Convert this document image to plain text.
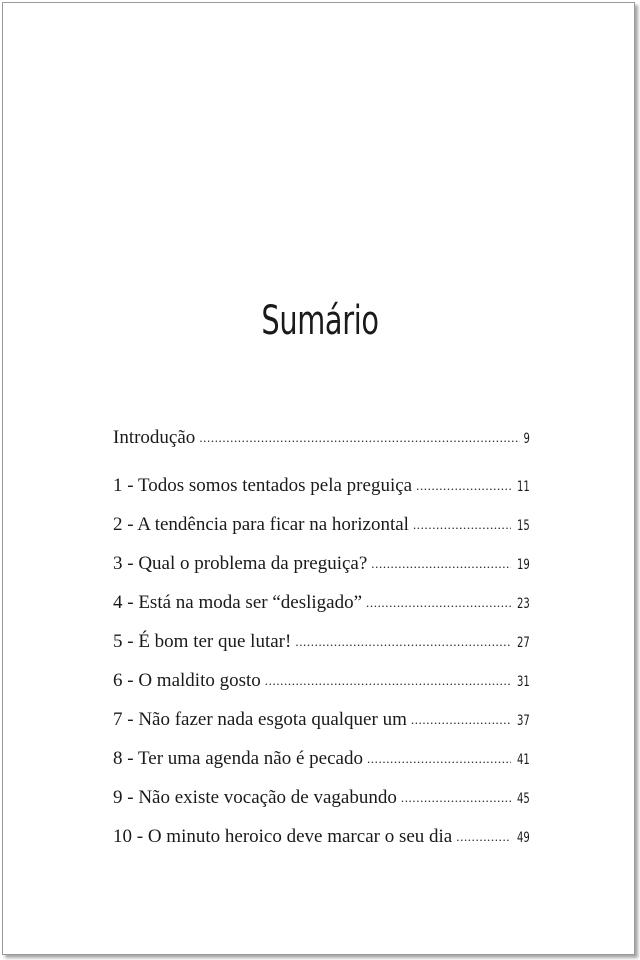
Sumário
Introdução .....	9
1 - Todos somos tentados pela preguiça .....	11
2 - A tendência para ficar na horizontal .....	15
3 - Qual o problema da preguiça? .....	19
4 - Está na moda ser “desligado” .....	23
5 - É bom ter que lutar! .....	27
6 - O maldito gosto .....	31
7 - Não fazer nada esgota qualquer um .....	37
8 - Ter uma agenda não é pecado .....	41
9 - Não existe vocação de vagabundo .....	45
10 - O minuto heroico deve marcar o seu dia .....	49
